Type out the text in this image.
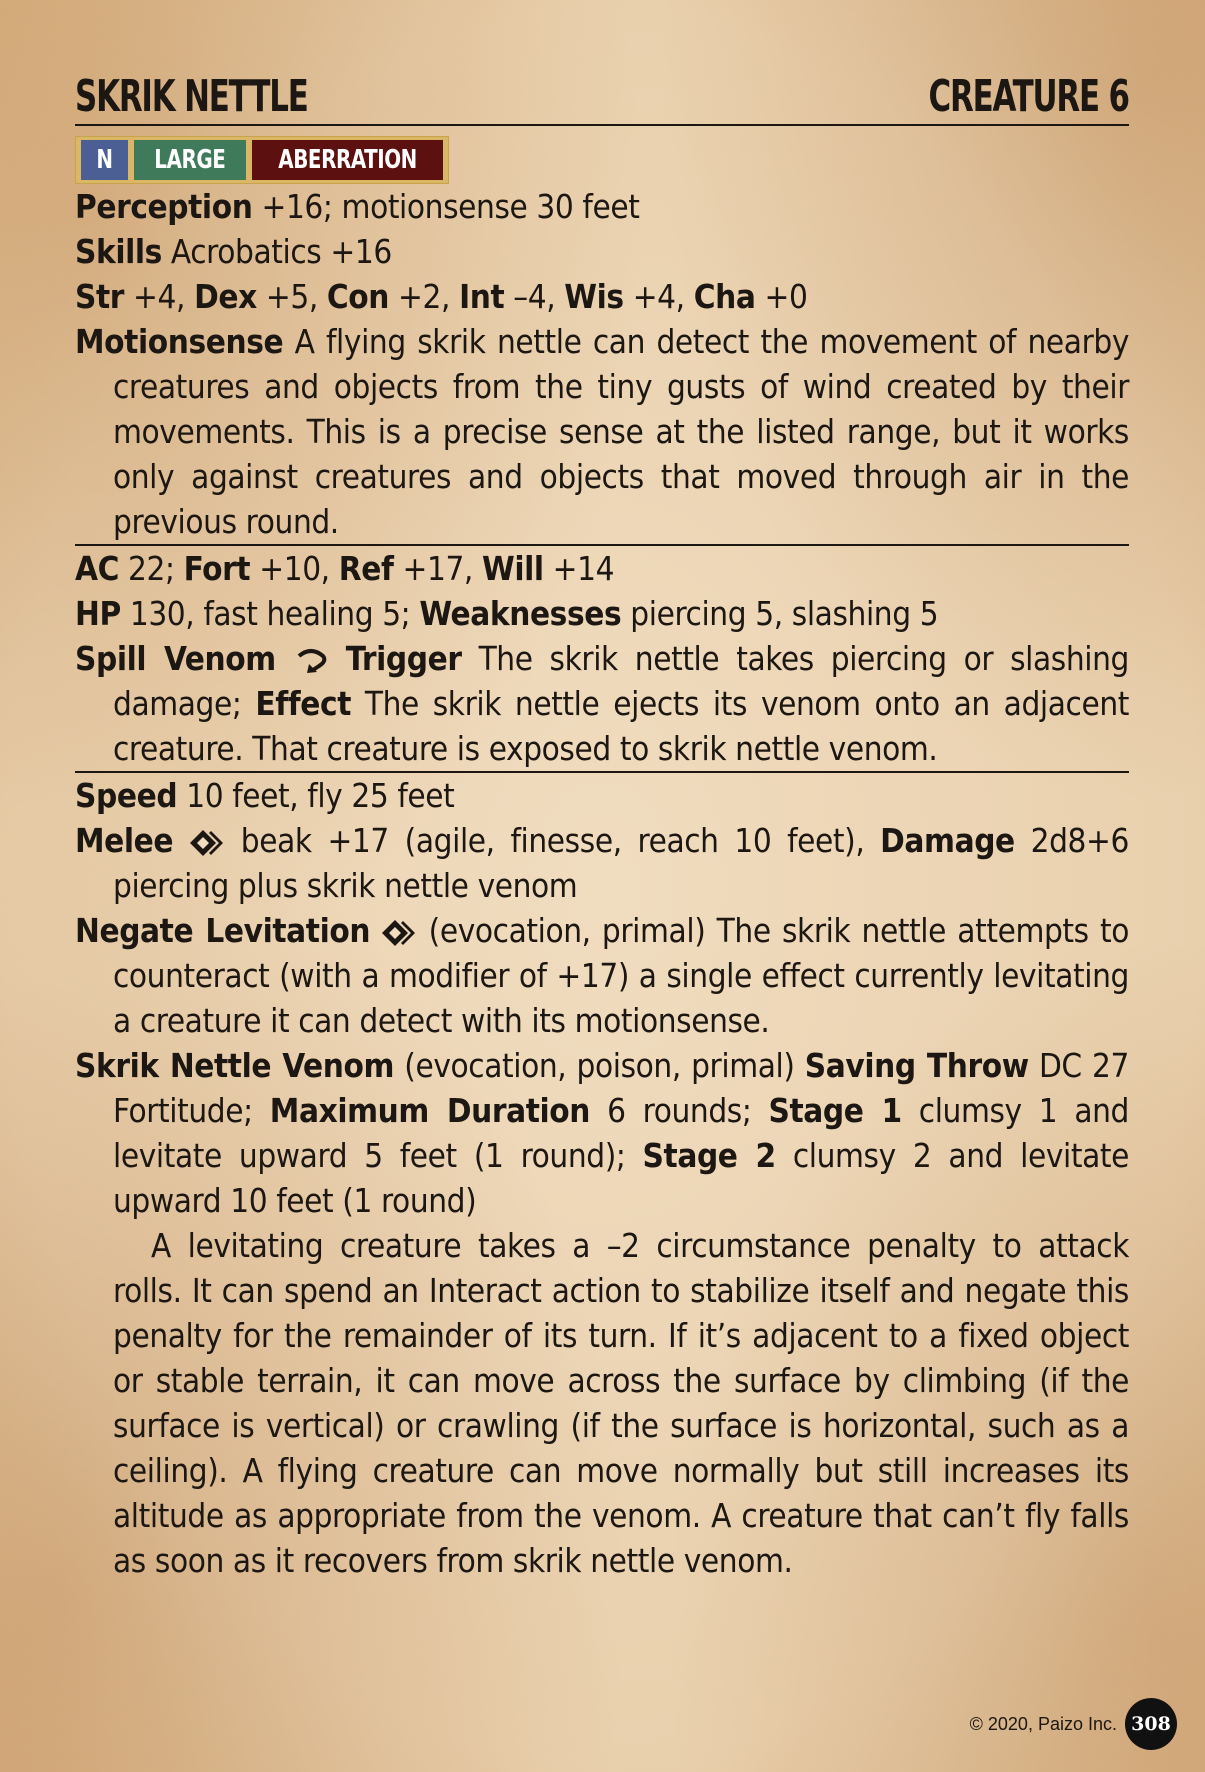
SKRIK NETTLE	CREATURE 6
N	LARGE	ABERRATION
Perception +16; motionsense 30 feet
Skills Acrobatics +16
Str +4, Dex +5, Con +2, Int –4, Wis +4, Cha +0
Motionsense A flying skrik nettle can detect the movement of nearby creatures and objects from the tiny gusts of wind created by their movements. This is a precise sense at the listed range, but it works only against creatures and objects that moved through air in the previous round.
AC 22; Fort +10, Ref +17, Will +14
HP 130, fast healing 5; Weaknesses piercing 5, slashing 5
Spill Venom Trigger The skrik nettle takes piercing or slashing damage; Effect The skrik nettle ejects its venom onto an adjacent creature. That creature is exposed to skrik nettle venom.
Speed 10 feet, fly 25 feet
Melee  beak +17 (agile, finesse, reach 10 feet), Damage 2d8+6 piercing plus skrik nettle venom
Negate Levitation  (evocation, primal) The skrik nettle attempts to counteract (with a modifier of +17) a single effect currently levitating a creature it can detect with its motionsense.
Skrik Nettle Venom (evocation, poison, primal) Saving Throw DC 27 Fortitude; Maximum Duration 6 rounds; Stage 1 clumsy 1 and levitate upward 5 feet (1 round); Stage 2 clumsy 2 and levitate upward 10 feet (1 round)
A levitating creature takes a –2 circumstance penalty to attack rolls. It can spend an Interact action to stabilize itself and negate this penalty for the remainder of its turn. If it’s adjacent to a fixed object or stable terrain, it can move across the surface by climbing (if the surface is vertical) or crawling (if the surface is horizontal, such as a ceiling). A flying creature can move normally but still increases its altitude as appropriate from the venom. A creature that can’t fly falls as soon as it recovers from skrik nettle venom.
© 2020, Paizo Inc. 308
